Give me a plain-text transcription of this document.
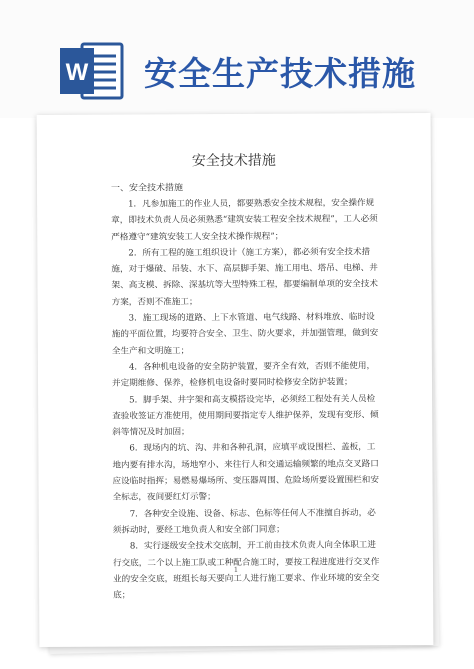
W 安全生产技术措施
安全技术措施
一、安全技术措施

1．凡参加施工的作业人员，都要熟悉安全技术规程，安全操作规章，即技术负责人员必须熟悉“建筑安装工程安全技术规程”，工人必须严格遵守“建筑安装工人安全技术操作规程”；

2．所有工程的施工组织设计（施工方案），都必须有安全技术措施，对于爆破、吊装、水下、高层脚手架、施工用电、塔吊、电梯、井架、高支模、拆除、深基坑等大型特殊工程，都要编制单项的安全技术方案，否则不准施工；

3．施工现场的道路、上下水管道、电气线路、材料堆放、临时设施的平面位置，均要符合安全、卫生、防火要求，并加强管理，做到安全生产和文明施工；

4．各种机电设备的安全防护装置，要齐全有效，否则不能使用，并定期维修、保养，检修机电设备时要同时检修安全防护装置；

5．脚手架、井字架和高支模搭设完毕，必须经工程处有关人员检查验收签证方准使用，使用期间要指定专人维护保养，发现有变形、倾斜等情况及时加固；

6．现场内的坑、沟、井和各种孔洞，应填平或设围栏、盖板，工地内要有排水沟，场地窄小、来往行人和交通运输频繁的地点交叉路口应设临时指挥；易燃易爆场所、变压器周围、危险场所要设置围栏和安全标志，夜间要红灯示警；

7．各种安全设施、设备、标志、色标等任何人不准擅自拆动，必须拆动时，要经工地负责人和安全部门同意；

8．实行逐级安全技术交底制，开工前由技术负责人向全体职工进行交底，二个以上施工队或工种配合施工时，要按工程进度进行交叉作业的安全交底，班组长每天要向工人进行施工要求、作业环境的安全交底；

1
